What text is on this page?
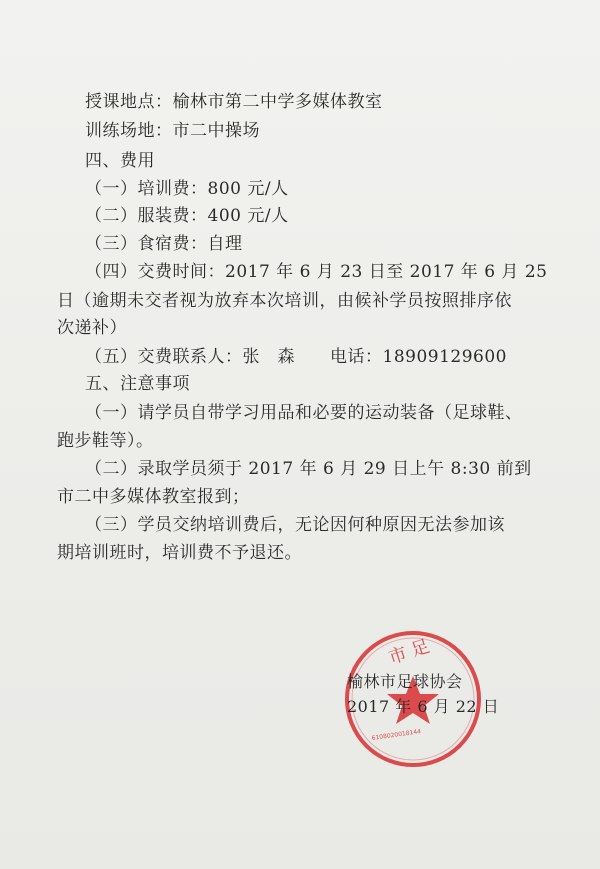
授课地点：榆林市第二中学多媒体教室
训练场地：市二中操场
四、费用
（一）培训费：800 元/人
（二）服装费：400 元/人
（三）食宿费：自理
（四）交费时间：2017 年 6 月 23 日至 2017 年 6 月 25
日（逾期未交者视为放弃本次培训，由候补学员按照排序依
次递补）
（五）交费联系人：张　森　　电话：18909129600
五、注意事项
（一）请学员自带学习用品和必要的运动装备（足球鞋、
跑步鞋等）。
（二）录取学员须于 2017 年 6 月 29 日上午 8:30 前到
市二中多媒体教室报到；
（三）学员交纳培训费后，无论因何种原因无法参加该
期培训班时，培训费不予退还。
市 足
6108020018144
榆林市足球协会
2017 年 6 月 22 日
